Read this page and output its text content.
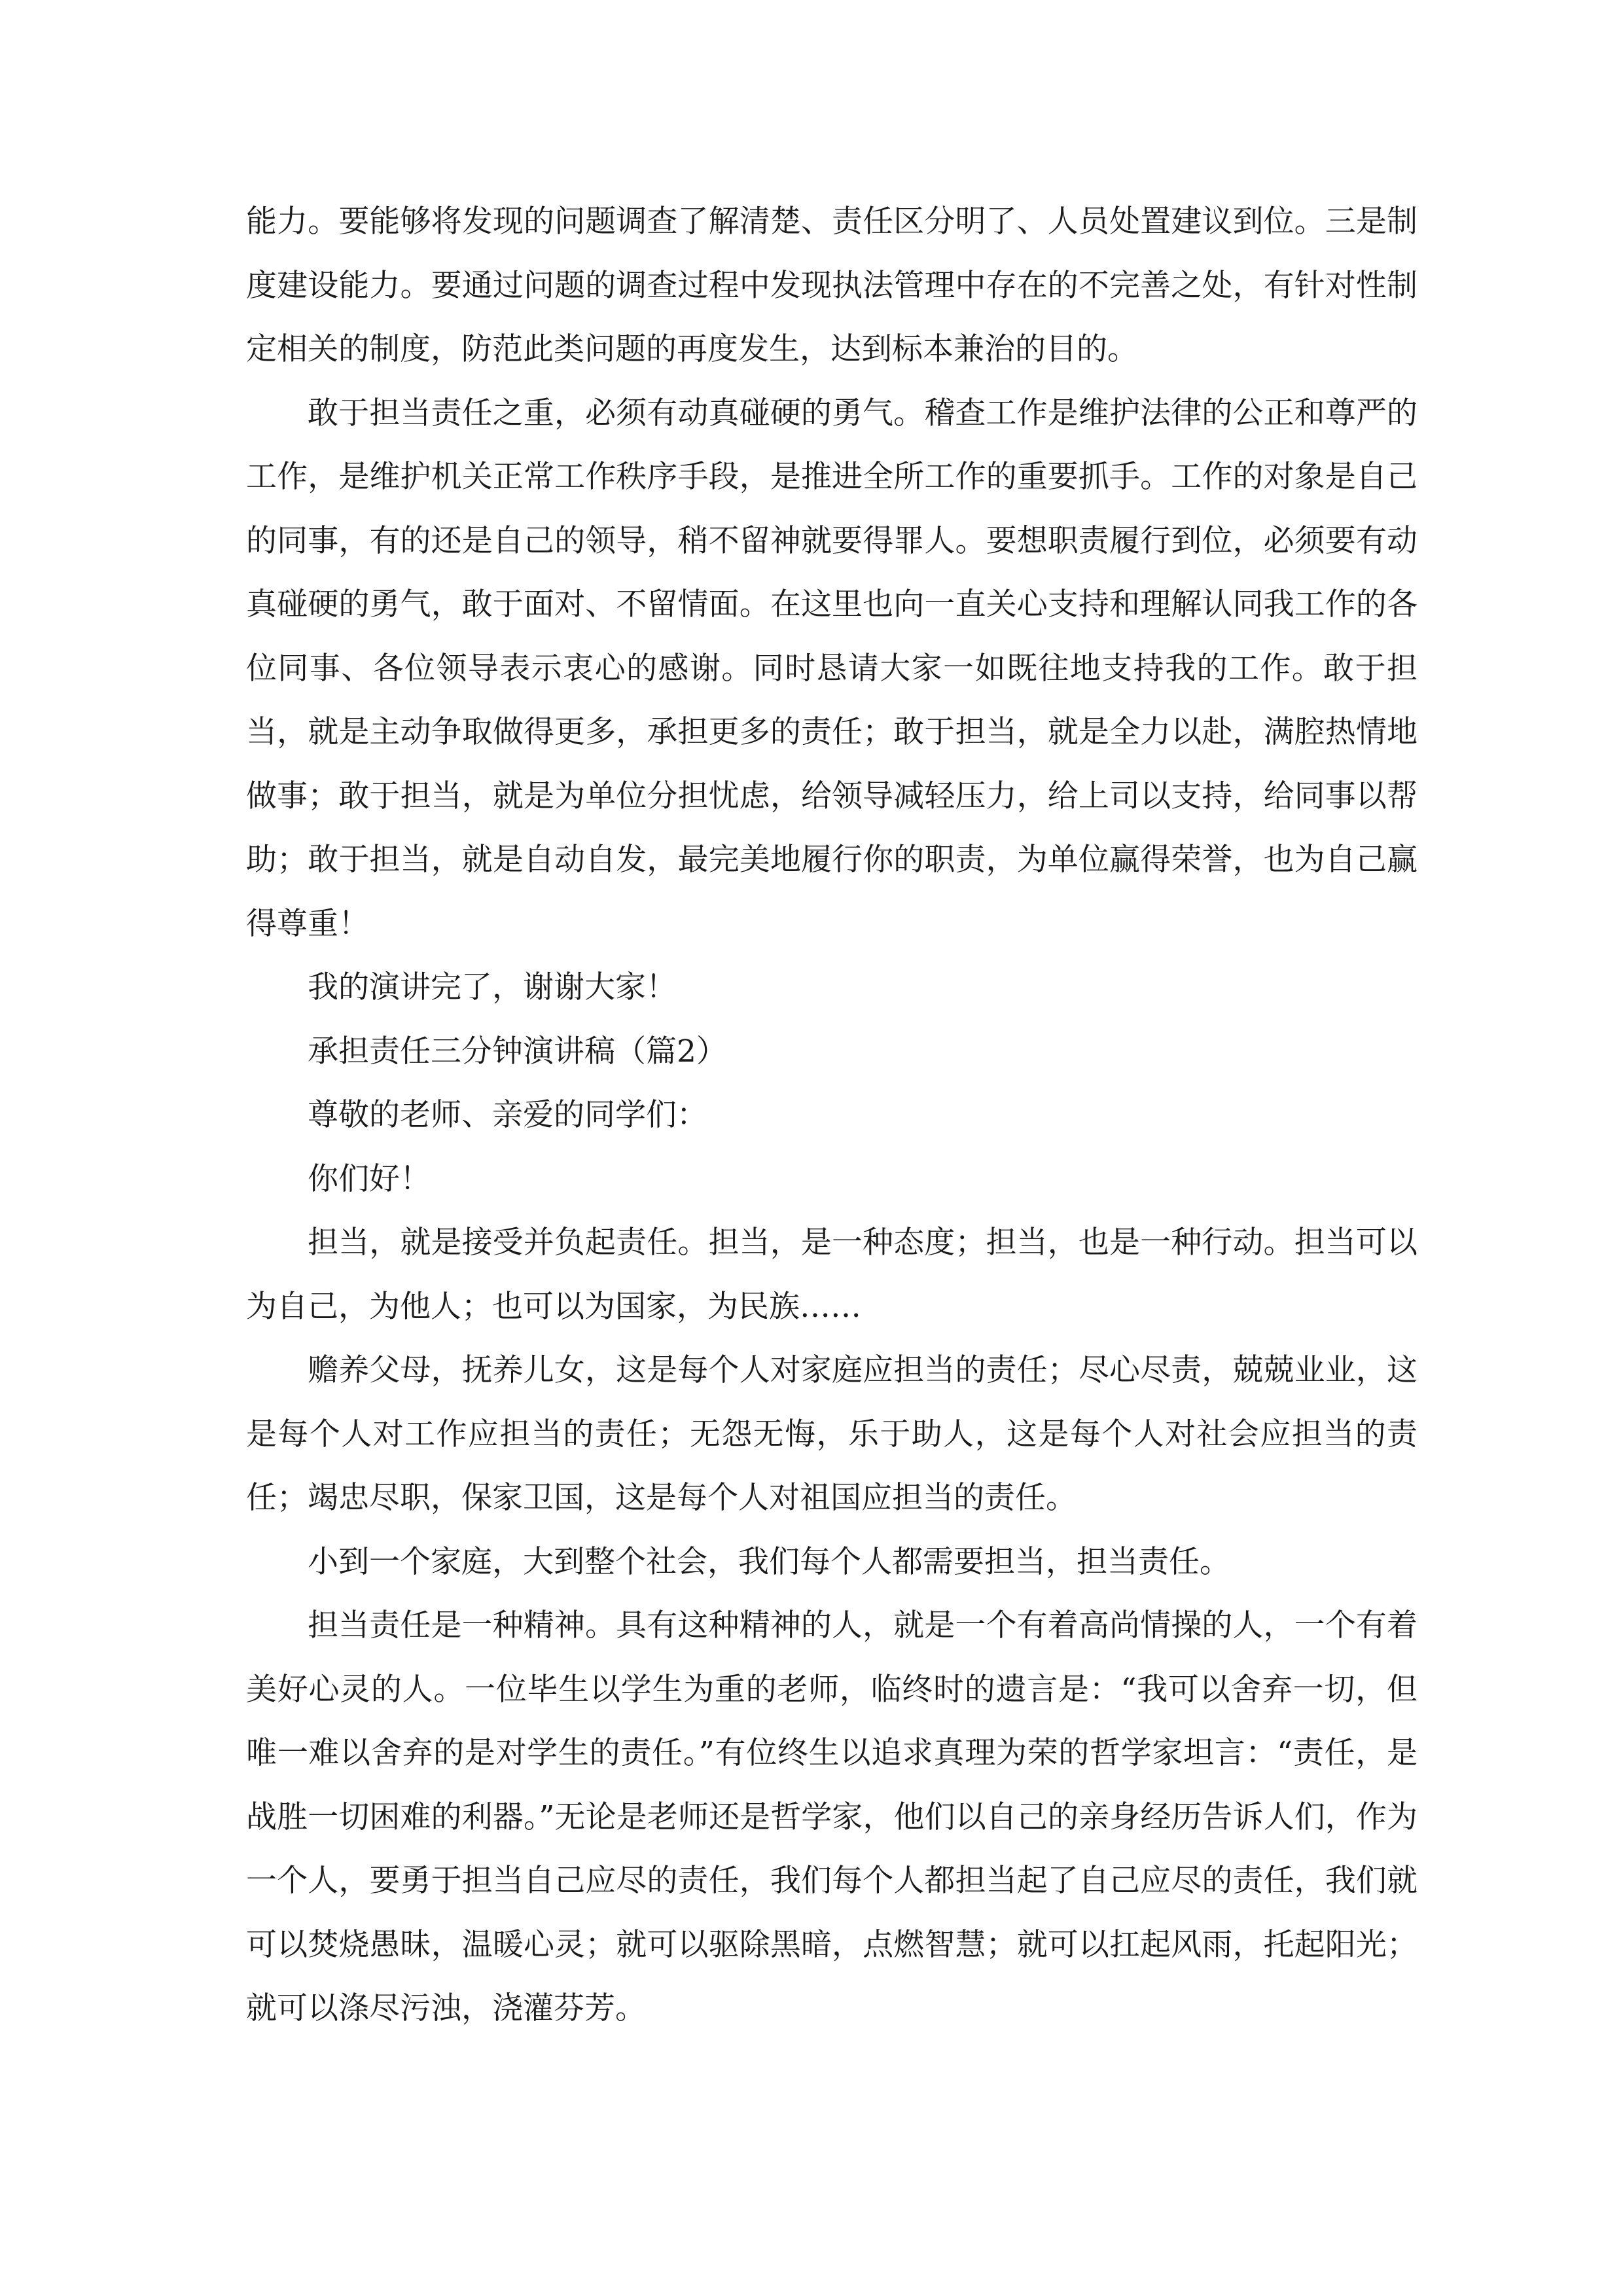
能力。要能够将发现的问题调查了解清楚、责任区分明了、人员处置建议到位。三是制度建设能力。要通过问题的调查过程中发现执法管理中存在的不完善之处，有针对性制定相关的制度，防范此类问题的再度发生，达到标本兼治的目的。

敢于担当责任之重，必须有动真碰硬的勇气。稽查工作是维护法律的公正和尊严的工作，是维护机关正常工作秩序手段，是推进全所工作的重要抓手。工作的对象是自己的同事，有的还是自己的领导，稍不留神就要得罪人。要想职责履行到位，必须要有动真碰硬的勇气，敢于面对、不留情面。在这里也向一直关心支持和理解认同我工作的各位同事、各位领导表示衷心的感谢。同时恳请大家一如既往地支持我的工作。敢于担当，就是主动争取做得更多，承担更多的责任；敢于担当，就是全力以赴，满腔热情地做事；敢于担当，就是为单位分担忧虑，给领导减轻压力，给上司以支持，给同事以帮助；敢于担当，就是自动自发，最完美地履行你的职责，为单位赢得荣誉，也为自己赢得尊重！

我的演讲完了，谢谢大家！

承担责任三分钟演讲稿（篇2）

尊敬的老师、亲爱的同学们：

你们好！

担当，就是接受并负起责任。担当，是一种态度；担当，也是一种行动。担当可以为自己，为他人；也可以为国家，为民族……

赡养父母，抚养儿女，这是每个人对家庭应担当的责任；尽心尽责，兢兢业业，这是每个人对工作应担当的责任；无怨无悔，乐于助人，这是每个人对社会应担当的责任；竭忠尽职，保家卫国，这是每个人对祖国应担当的责任。

小到一个家庭，大到整个社会，我们每个人都需要担当，担当责任。

担当责任是一种精神。具有这种精神的人，就是一个有着高尚情操的人，一个有着美好心灵的人。一位毕生以学生为重的老师，临终时的遗言是：“我可以舍弃一切，但唯一难以舍弃的是对学生的责任。”有位终生以追求真理为荣的哲学家坦言：“责任，是战胜一切困难的利器。”无论是老师还是哲学家，他们以自己的亲身经历告诉人们，作为一个人，要勇于担当自己应尽的责任，我们每个人都担当起了自己应尽的责任，我们就可以焚烧愚昧，温暖心灵；就可以驱除黑暗，点燃智慧；就可以扛起风雨，托起阳光；就可以涤尽污浊，浇灌芬芳。
